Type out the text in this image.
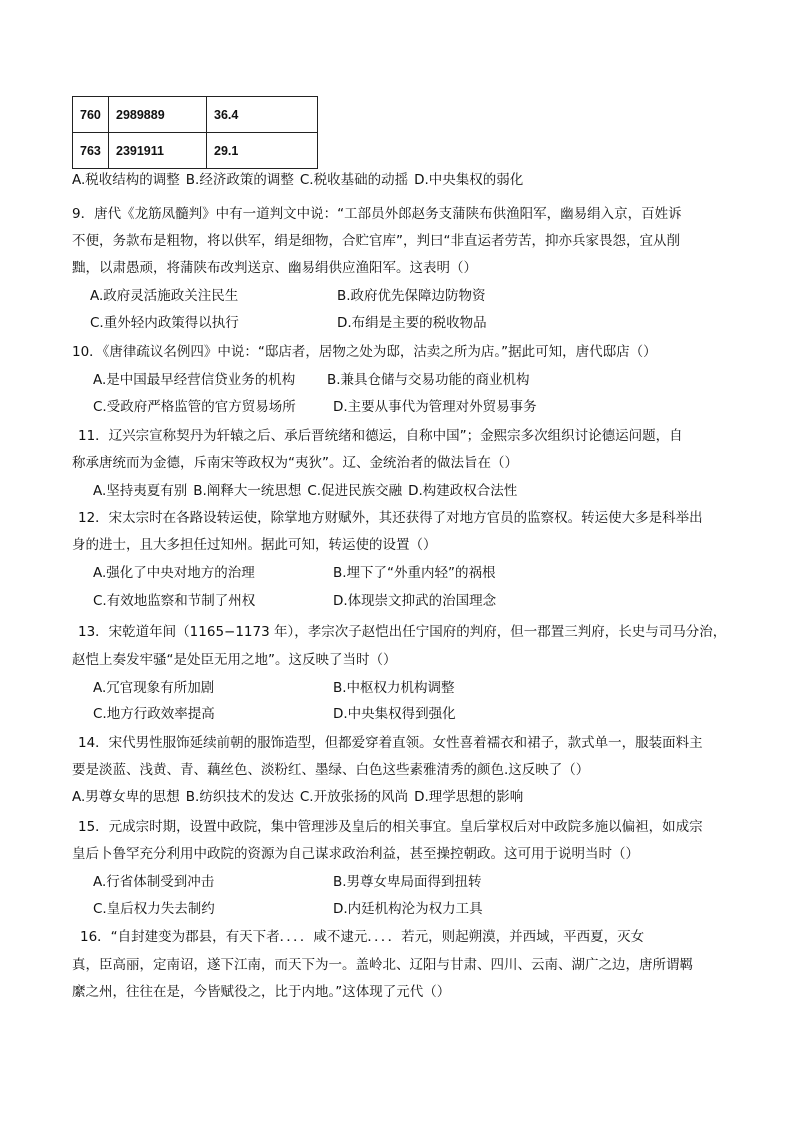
760	2989889	36.4
763	2391911	29.1
A.税收结构的调整 B.经济政策的调整 C.税收基础的动摇 D.中央集权的弱化
9．唐代《龙筋凤髓判》中有一道判文中说：“工部员外郎赵务支蒲陕布供渔阳军，幽易绢入京，百姓诉
不便，务款布是粗物，将以供军，绢是细物，合贮官库”，判曰“非直运者劳苦，抑亦兵家畏怨，宜从削
黜，以肃愚顽，将蒲陕布改判送京、幽易绢供应渔阳军。这表明（）
A.政府灵活施政关注民生	B.政府优先保障边防物资
C.重外轻内政策得以执行	D.布绢是主要的税收物品
10．《唐律疏议名例四》中说：“邸店者，居物之处为邸，沽卖之所为店。”据此可知，唐代邸店（）
A.是中国最早经营信贷业务的机构 B.兼具仓储与交易功能的商业机构
C.受政府严格监管的官方贸易场所	D.主要从事代为管理对外贸易事务
11．辽兴宗宣称契丹为轩辕之后、承后晋统绪和德运，自称中国”；金熙宗多次组织讨论德运问题，自
称承唐统而为金德，斥南宋等政权为“夷狄”。辽、金统治者的做法旨在（）
A.坚持夷夏有别 B.阐释大一统思想 C.促进民族交融 D.构建政权合法性
12．宋太宗时在各路设转运使，除掌地方财赋外，其还获得了对地方官员的监察权。转运使大多是科举出
身的进士，且大多担任过知州。据此可知，转运使的设置（）
A.强化了中央对地方的治理	B.埋下了“外重内轻”的祸根
C.有效地监察和节制了州权	D.体现崇文抑武的治国理念
13．宋乾道年间（1165−1173 年），孝宗次子赵恺出任宁国府的判府，但一郡置三判府，长史与司马分治，
赵恺上奏发牢骚“是处臣无用之地”。这反映了当时（）
A.冗官现象有所加剧	B.中枢权力机构调整
C.地方行政效率提高	D.中央集权得到强化
14．宋代男性服饰延续前朝的服饰造型，但都爱穿着直领。女性喜着襦衣和裙子，款式单一，服装面料主
要是淡蓝、浅黄、青、藕丝色、淡粉红、墨绿、白色这些素雅清秀的颜色.这反映了（）
A.男尊女卑的思想 B.纺织技术的发达 C.开放张扬的风尚 D.理学思想的影响
15．元成宗时期，设置中政院，集中管理涉及皇后的相关事宜。皇后掌权后对中政院多施以偏袒，如成宗
皇后卜鲁罕充分利用中政院的资源为自己谋求政治利益，甚至操控朝政。这可用于说明当时（）
A.行省体制受到冲击	B.男尊女卑局面得到扭转
C.皇后权力失去制约	D.内廷机构沦为权力工具
16．“自封建变为郡县，有天下者．．．．咸不逮元．．．．若元，则起朔漠，并西域，平西夏，灭女
真，臣高丽，定南诏，遂下江南，而天下为一。盖岭北、辽阳与甘肃、四川、云南、湖广之边，唐所谓羁
縻之州，往往在是，今皆赋役之，比于内地。”这体现了元代（）
